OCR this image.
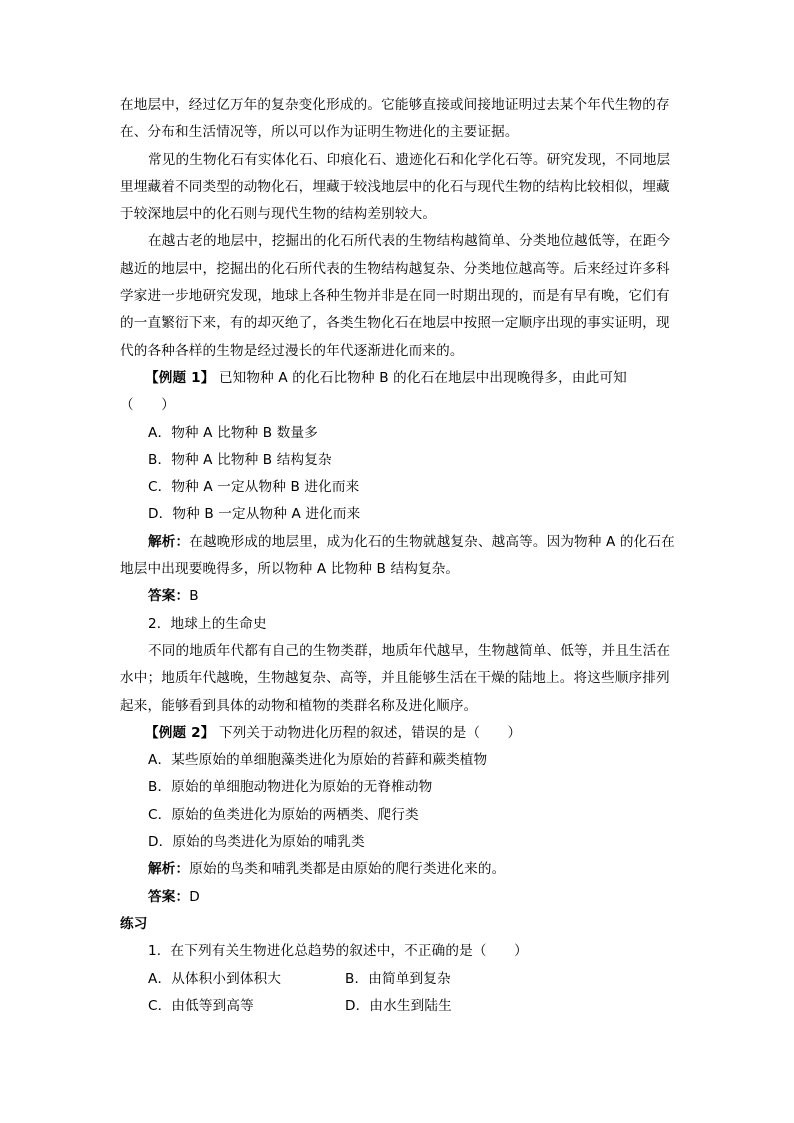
在地层中，经过亿万年的复杂变化形成的。它能够直接或间接地证明过去某个年代生物的存
在、分布和生活情况等，所以可以作为证明生物进化的主要证据。
常见的生物化石有实体化石、印痕化石、遗迹化石和化学化石等。研究发现，不同地层
里埋藏着不同类型的动物化石，埋藏于较浅地层中的化石与现代生物的结构比较相似，埋藏
于较深地层中的化石则与现代生物的结构差别较大。
在越古老的地层中，挖掘出的化石所代表的生物结构越简单、分类地位越低等，在距今
越近的地层中，挖掘出的化石所代表的生物结构越复杂、分类地位越高等。后来经过许多科
学家进一步地研究发现，地球上各种生物并非是在同一时期出现的，而是有早有晚，它们有
的一直繁衍下来，有的却灭绝了，各类生物化石在地层中按照一定顺序出现的事实证明，现
代的各种各样的生物是经过漫长的年代逐渐进化而来的。
【例题 1】 已知物种 A 的化石比物种 B 的化石在地层中出现晚得多，由此可知
（　　）
A．物种 A 比物种 B 数量多
B．物种 A 比物种 B 结构复杂
C．物种 A 一定从物种 B 进化而来
D．物种 B 一定从物种 A 进化而来
解析：在越晚形成的地层里，成为化石的生物就越复杂、越高等。因为物种 A 的化石在
地层中出现要晚得多，所以物种 A 比物种 B 结构复杂。
答案：B
2．地球上的生命史
不同的地质年代都有自己的生物类群，地质年代越早，生物越简单、低等，并且生活在
水中；地质年代越晚，生物越复杂、高等，并且能够生活在干燥的陆地上。将这些顺序排列
起来，能够看到具体的动物和植物的类群名称及进化顺序。
【例题 2】 下列关于动物进化历程的叙述，错误的是（　　）
A．某些原始的单细胞藻类进化为原始的苔藓和蕨类植物
B．原始的单细胞动物进化为原始的无脊椎动物
C．原始的鱼类进化为原始的两栖类、爬行类
D．原始的鸟类进化为原始的哺乳类
解析：原始的鸟类和哺乳类都是由原始的爬行类进化来的。
答案：D
练习
1．在下列有关生物进化总趋势的叙述中，不正确的是（　　）
A．从体积小到体积大	B．由简单到复杂
C．由低等到高等	D．由水生到陆生
